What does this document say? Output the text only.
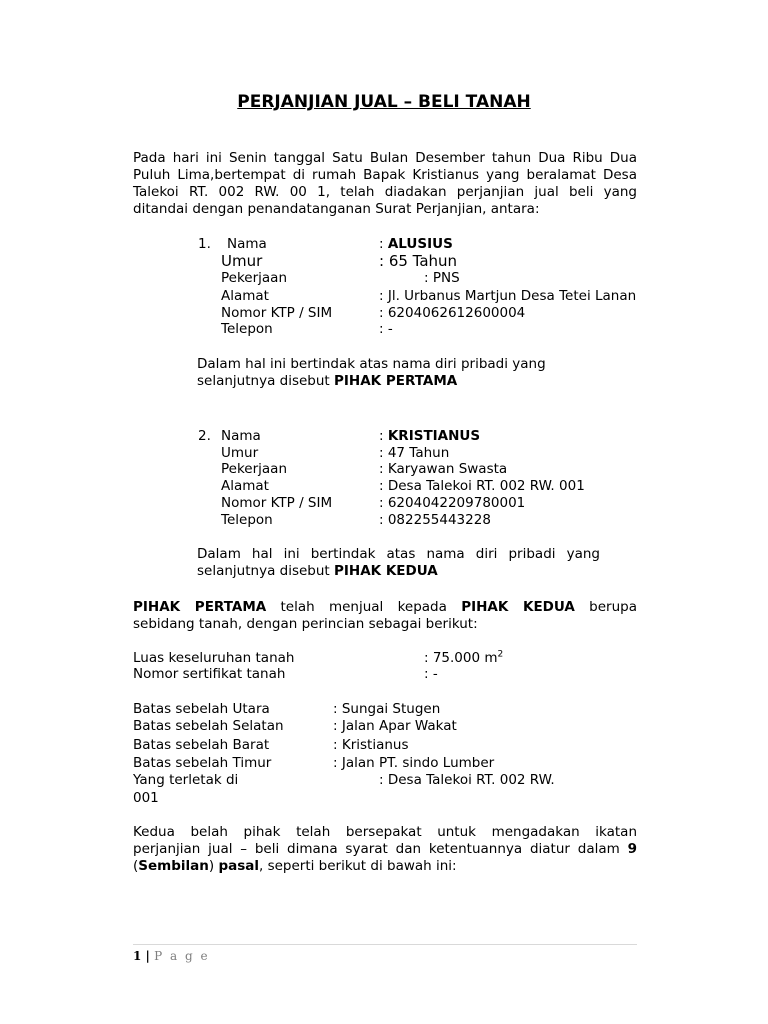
PERJANJIAN JUAL – BELI TANAH
Pada hari ini Senin tanggal Satu Bulan Desember tahun Dua Ribu Dua
Puluh Lima,bertempat di rumah Bapak Kristianus yang beralamat Desa
Talekoi RT. 002 RW. 00 1, telah diadakan perjanjian jual beli yang
ditandai dengan penandatanganan Surat Perjanjian, antara:
1. Nama	: ALUSIUS
Umur	: 65 Tahun
Pekerjaan	: PNS
Alamat	: Jl. Urbanus Martjun Desa Tetei Lanan
Nomor KTP / SIM	: 6204062612600004
Telepon	: -
Dalam hal ini bertindak atas nama diri pribadi yang
selanjutnya disebut PIHAK PERTAMA
2. Nama	: KRISTIANUS
Umur	: 47 Tahun
Pekerjaan	: Karyawan Swasta
Alamat	: Desa Talekoi RT. 002 RW. 001
Nomor KTP / SIM	: 6204042209780001
Telepon	: 082255443228
Dalam hal ini bertindak atas nama diri pribadi yang
selanjutnya disebut PIHAK KEDUA
PIHAK PERTAMA telah menjual kepada PIHAK KEDUA berupa
sebidang tanah, dengan perincian sebagai berikut:
Luas keseluruhan tanah	: 75.000 $m^2$
Nomor sertifikat tanah	: -
Batas sebelah Utara	: Sungai Stugen
Batas sebelah Selatan	: Jalan Apar Wakat
Batas sebelah Barat	: Kristianus
Batas sebelah Timur	: Jalan PT. sindo Lumber
Yang terletak di	: Desa Talekoi RT. 002 RW.
001
Kedua belah pihak telah bersepakat untuk mengadakan ikatan
perjanjian jual – beli dimana syarat dan ketentuannya diatur dalam 9
(Sembilan) pasal, seperti berikut di bawah ini:
1 | P a g e
